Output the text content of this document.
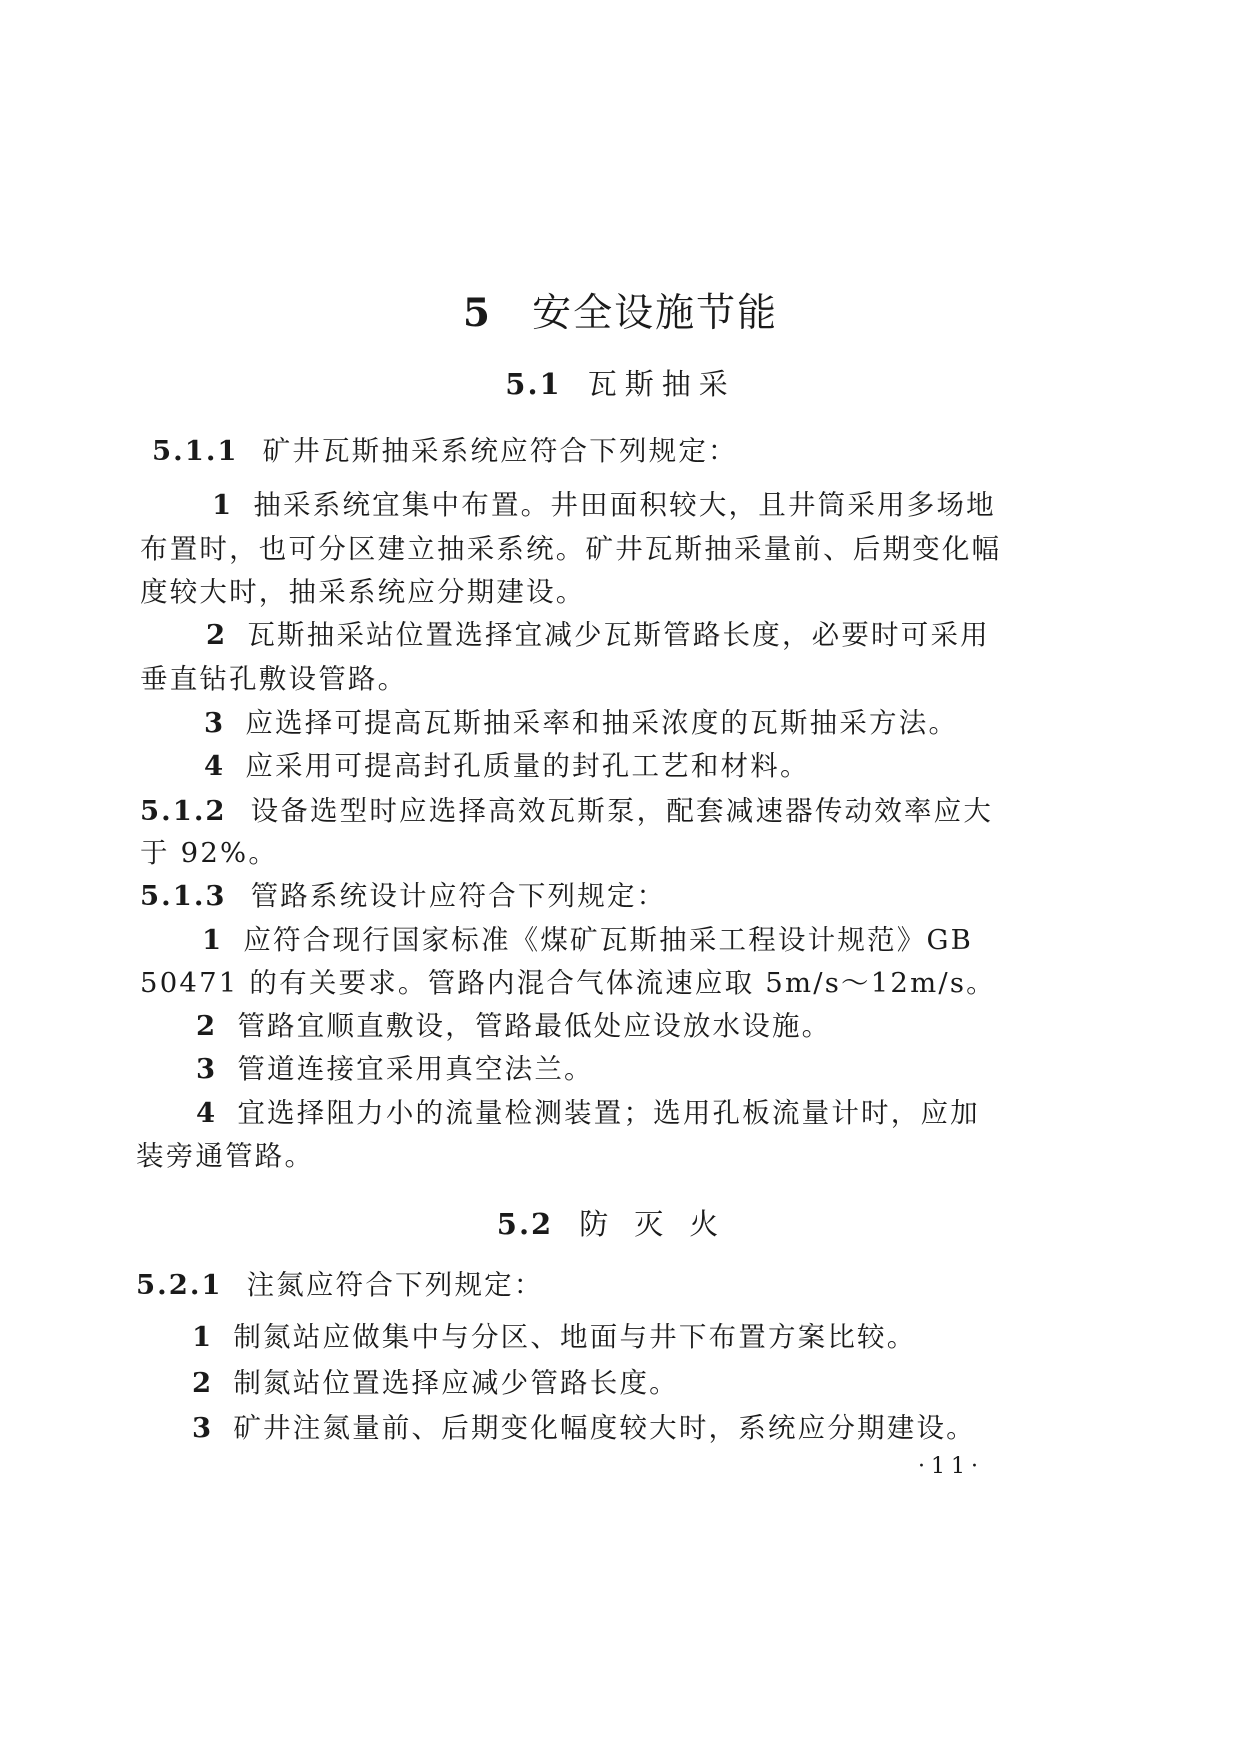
5 安全设施节能
5.1 瓦斯抽采
5.1.1 矿井瓦斯抽采系统应符合下列规定：
1 抽采系统宜集中布置。井田面积较大，且井筒采用多场地
布置时，也可分区建立抽采系统。矿井瓦斯抽采量前、后期变化幅
度较大时，抽采系统应分期建设。
2 瓦斯抽采站位置选择宜减少瓦斯管路长度，必要时可采用
垂直钻孔敷设管路。
3 应选择可提高瓦斯抽采率和抽采浓度的瓦斯抽采方法。
4 应采用可提高封孔质量的封孔工艺和材料。
5.1.2 设备选型时应选择高效瓦斯泵，配套减速器传动效率应大
于 92%。
5.1.3 管路系统设计应符合下列规定：
1 应符合现行国家标准《煤矿瓦斯抽采工程设计规范》GB
50471 的有关要求。管路内混合气体流速应取 5m/s～12m/s。
2 管路宜顺直敷设，管路最低处应设放水设施。
3 管道连接宜采用真空法兰。
4 宜选择阻力小的流量检测装置；选用孔板流量计时，应加
装旁通管路。
5.2 防灭火
5.2.1 注氮应符合下列规定：
1 制氮站应做集中与分区、地面与井下布置方案比较。
2 制氮站位置选择应减少管路长度。
3 矿井注氮量前、后期变化幅度较大时，系统应分期建设。
·11·
